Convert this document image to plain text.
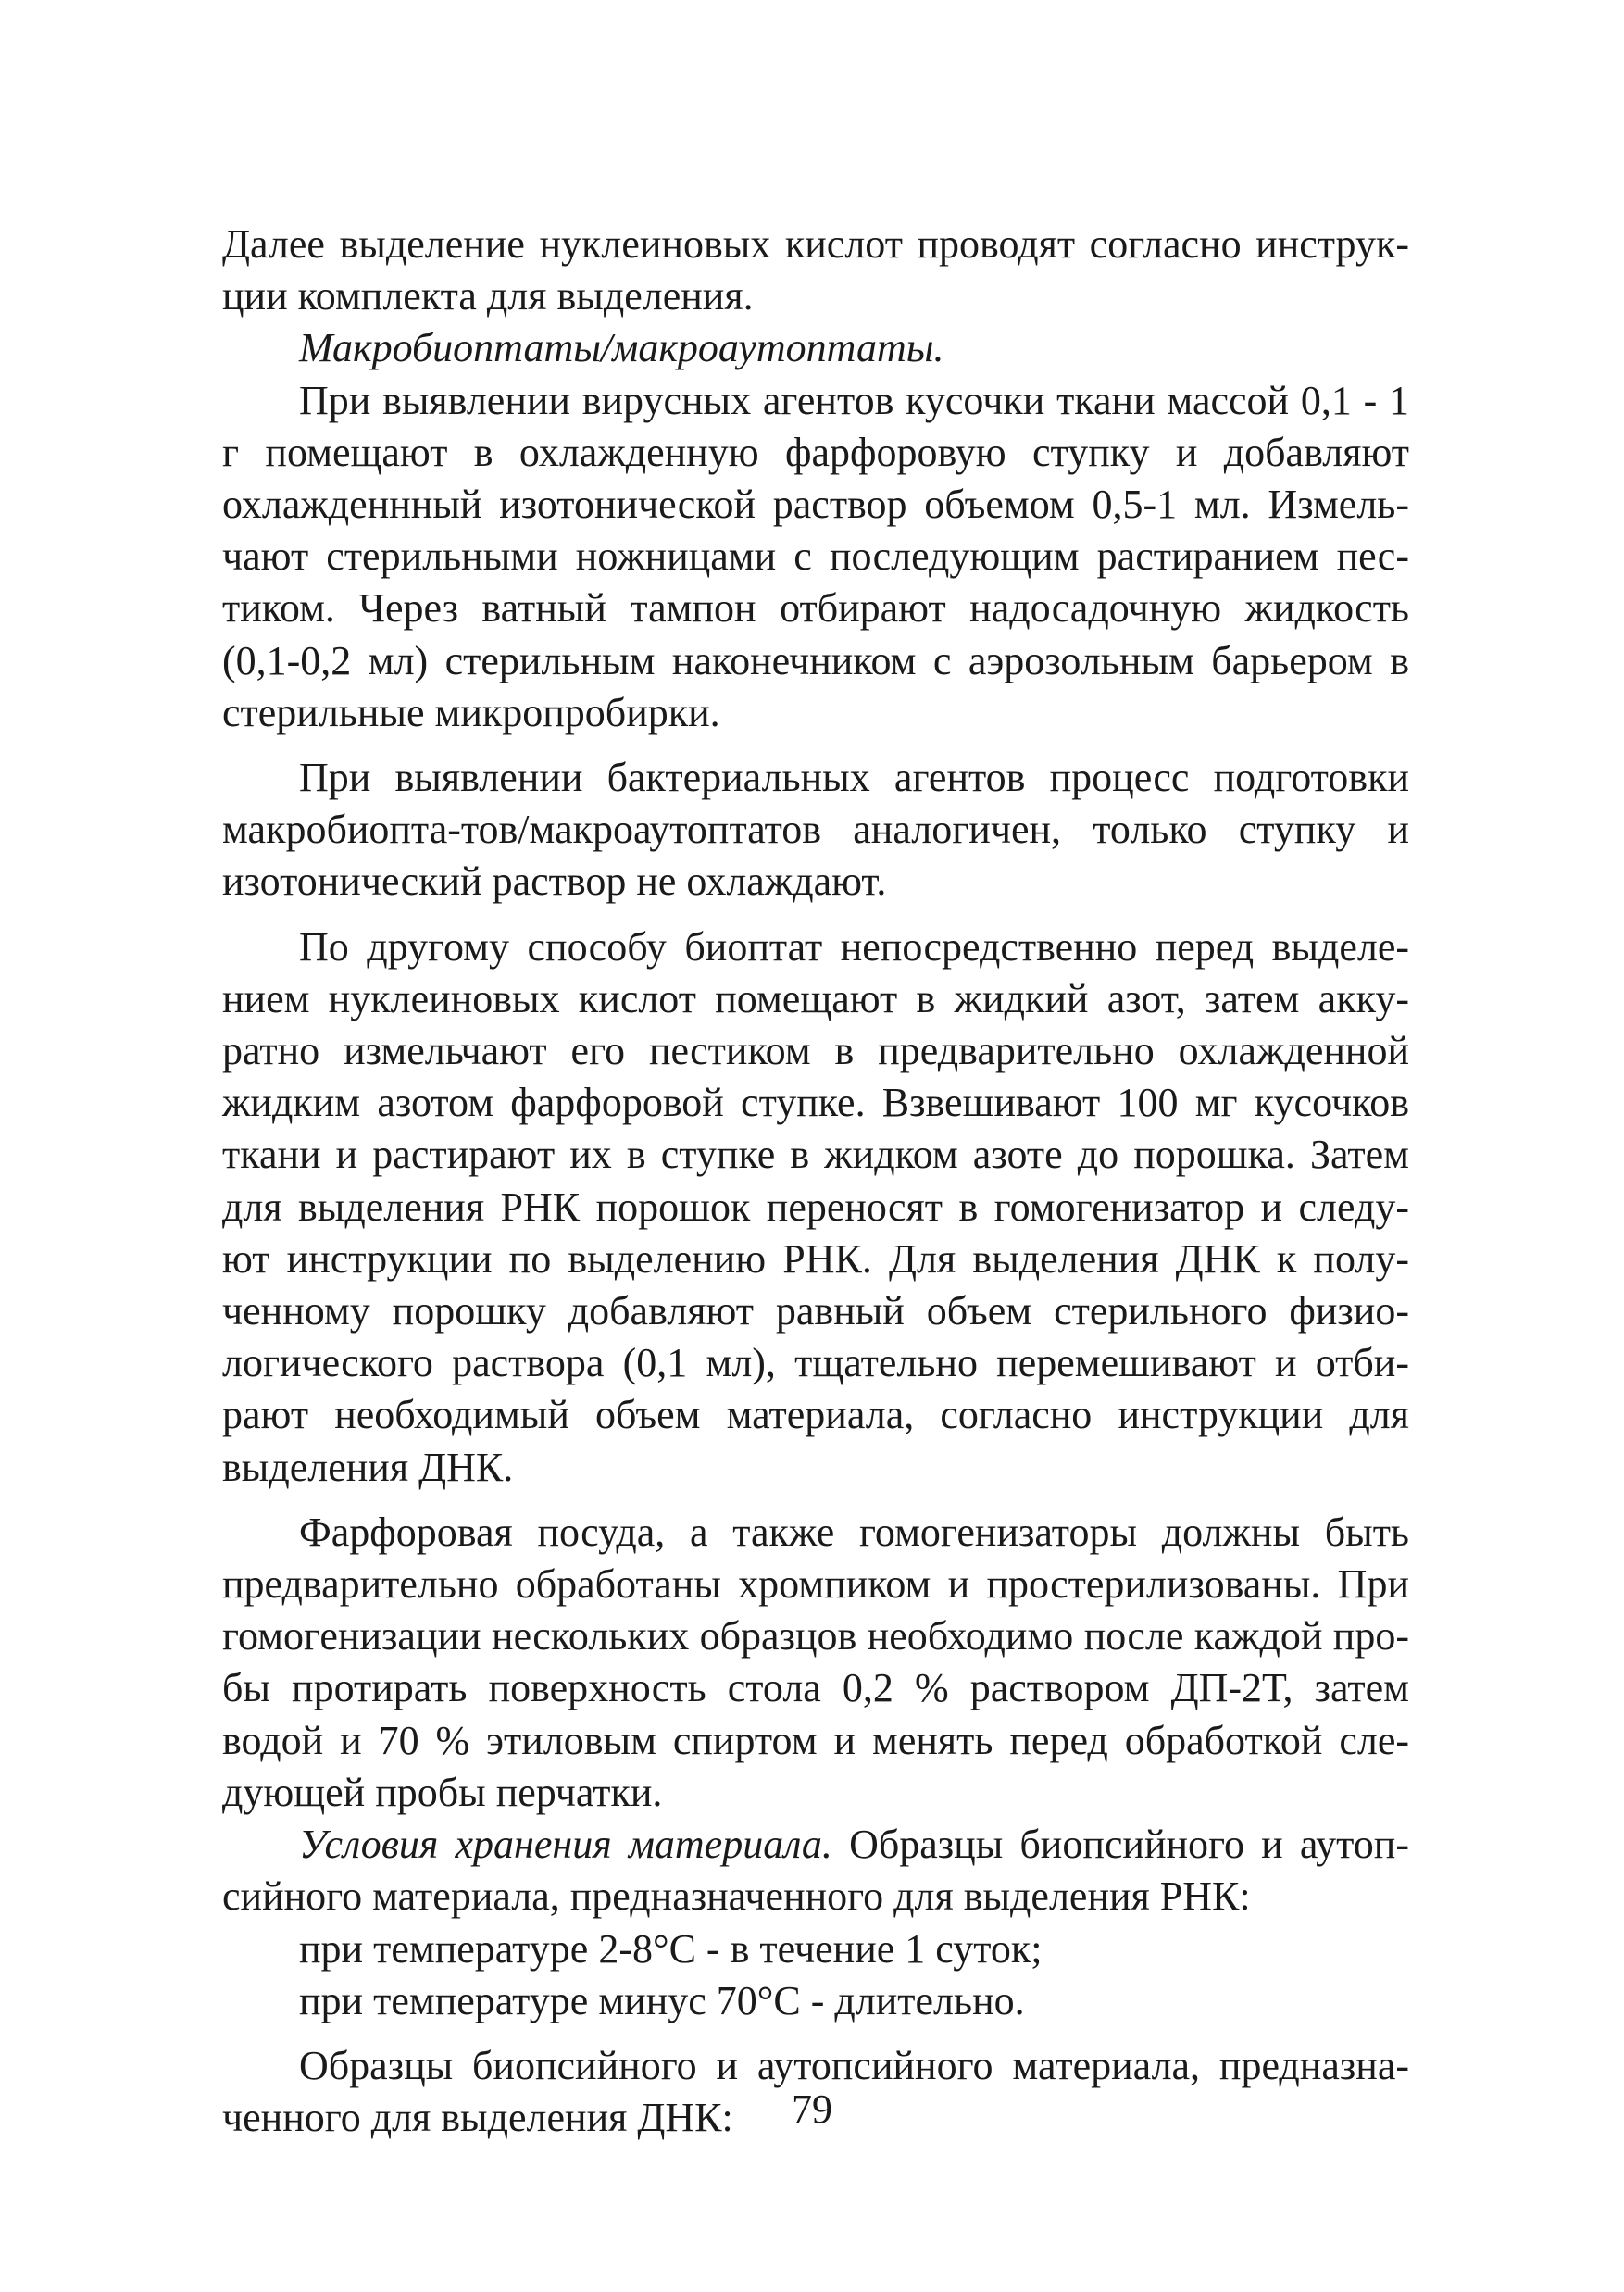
Далее выделение нуклеиновых кислот проводят согласно инструк-ции комплекта для выделения.

Макробиоптаты/макроаутоптаты.

При выявлении вирусных агентов кусочки ткани массой 0,1 - 1 г помещают в охлажденную фарфоровую ступку и добавляют охлажденнный изотонической раствор объемом 0,5-1 мл. Измель-чают стерильными ножницами с последующим растиранием пес-тиком. Через ватный тампон отбирают надосадочную жидкость (0,1-0,2 мл) стерильным наконечником с аэрозольным барьером в стерильные микропробирки.

При выявлении бактериальных агентов процесс подготовки макробиопта-тов/макроаутоптатов аналогичен, только ступку и изотонический раствор не охлаждают.

По другому способу биоптат непосредственно перед выделе-нием нуклеиновых кислот помещают в жидкий азот, затем акку-ратно измельчают его пестиком в предварительно охлажденной жидким азотом фарфоровой ступке. Взвешивают 100 мг кусочков ткани и растирают их в ступке в жидком азоте до порошка. Затем для выделения РНК порошок переносят в гомогенизатор и следу-ют инструкции по выделению РНК. Для выделения ДНК к полу-ченному порошку добавляют равный объем стерильного физио-логического раствора (0,1 мл), тщательно перемешивают и отби-рают необходимый объем материала, согласно инструкции для выделения ДНК.

Фарфоровая посуда, а также гомогенизаторы должны быть предварительно обработаны хромпиком и простерилизованы. При гомогенизации нескольких образцов необходимо после каждой про-бы протирать поверхность стола 0,2 % раствором ДП-2Т, затем водой и 70 % этиловым спиртом и менять перед обработкой сле-дующей пробы перчатки.

Условия хранения материала. Образцы биопсийного и аутоп-сийного материала, предназначенного для выделения РНК:

при температуре 2-8°С - в течение 1 суток;

при температуре минус 70°С - длительно.

Образцы биопсийного и аутопсийного материала, предназна-ченного для выделения ДНК:	79
